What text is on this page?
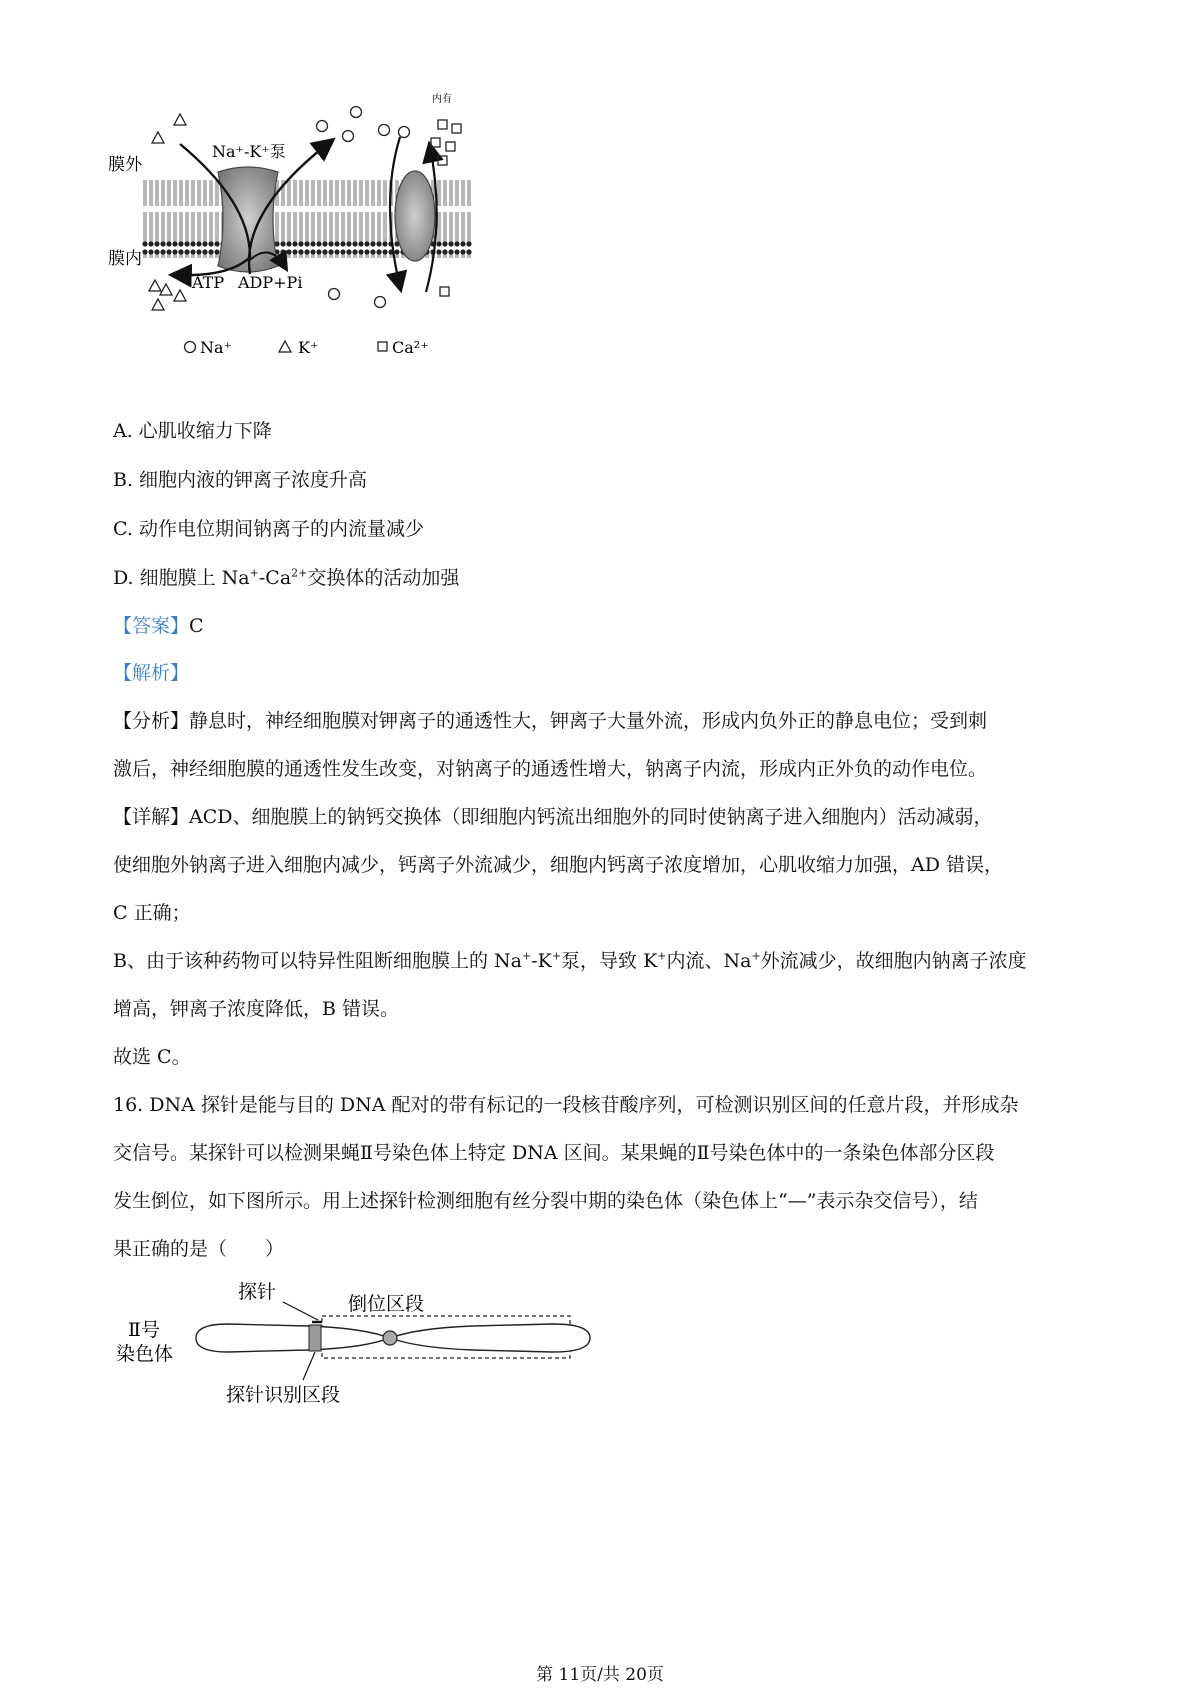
膜外
膜内
Na⁺-K⁺泵
ATP ADP+Pi
内有
Na⁺	K⁺	Ca²⁺
A. 心肌收缩力下降
B. 细胞内液的钾离子浓度升高
C. 动作电位期间钠离子的内流量减少
D. 细胞膜上 $Na^+-Ca^{2+}$交换体的活动加强
【答案】C
【解析】
【分析】静息时，神经细胞膜对钾离子的通透性大，钾离子大量外流，形成内负外正的静息电位；受到刺
激后，神经细胞膜的通透性发生改变，对钠离子的通透性增大，钠离子内流，形成内正外负的动作电位。
【详解】ACD、细胞膜上的钠钙交换体（即细胞内钙流出细胞外的同时使钠离子进入细胞内）活动减弱，
使细胞外钠离子进入细胞内减少，钙离子外流减少，细胞内钙离子浓度增加，心肌收缩力加强，AD 错误，
C 正确；
B、由于该种药物可以特异性阻断细胞膜上的 Na+-K+泵，导致 K+内流、Na+外流减少，故细胞内钠离子浓度
增高，钾离子浓度降低，B 错误。
故选 C。
16. DNA 探针是能与目的 DNA 配对的带有标记的一段核苷酸序列，可检测识别区间的任意片段，并形成杂
交信号。某探针可以检测果蝇Ⅱ号染色体上特定 DNA 区间。某果蝇的Ⅱ号染色体中的一条染色体部分区段
发生倒位，如下图所示。用上述探针检测细胞有丝分裂中期的染色体（染色体上“—”表示杂交信号），结
果正确的是（　　）
探针
倒位区段
Ⅱ号
染色体
探针识别区段
第 11页/共 20页
